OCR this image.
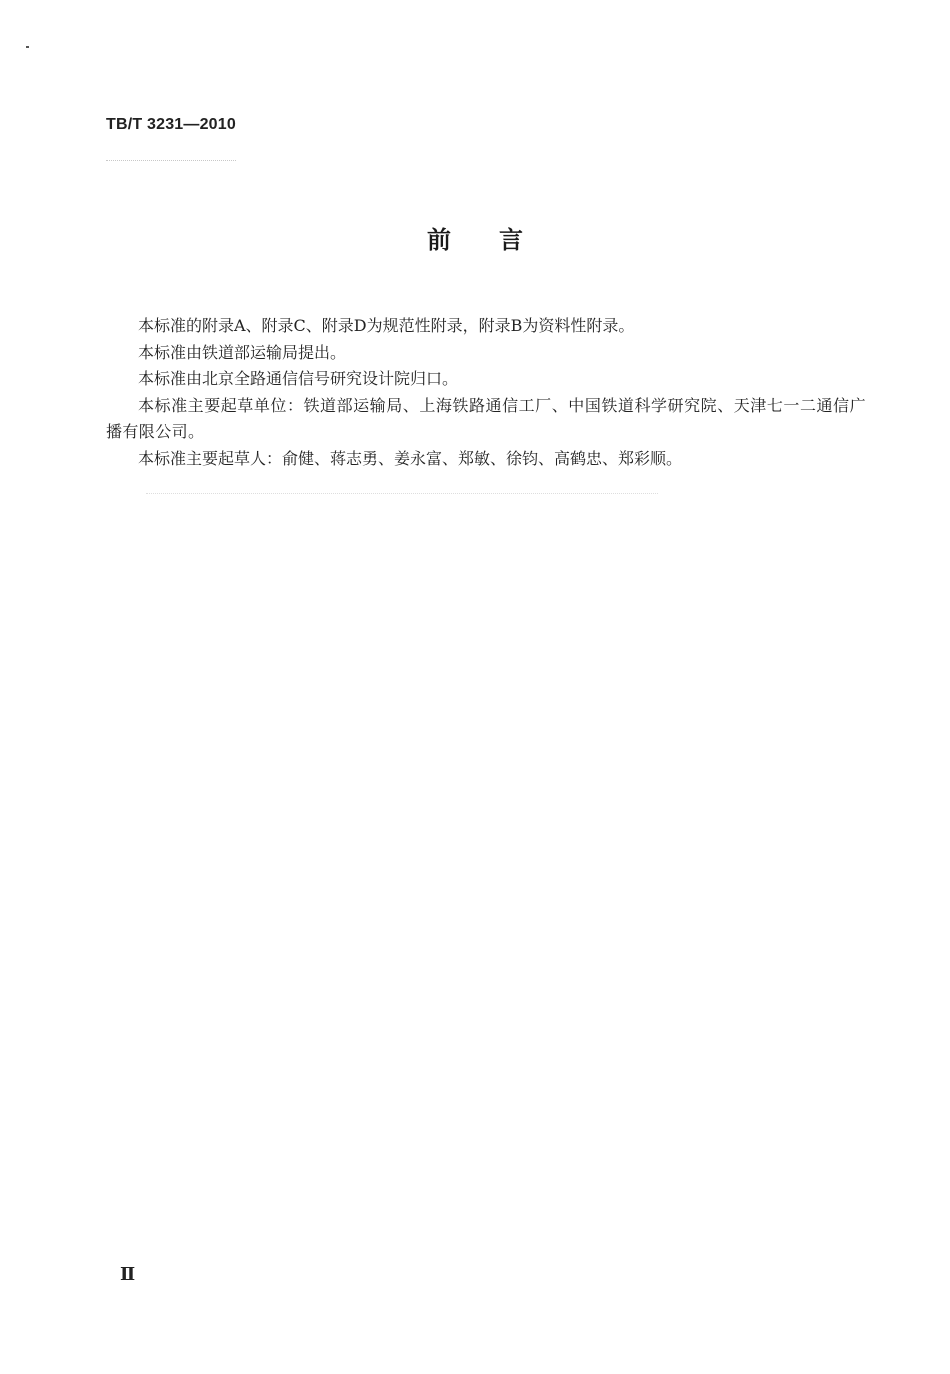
TB/T 3231—2010
前言

本标准的附录A、附录C、附录D为规范性附录，附录B为资料性附录。

本标准由铁道部运输局提出。

本标准由北京全路通信信号研究设计院归口。

本标准主要起草单位：铁道部运输局、上海铁路通信工厂、中国铁道科学研究院、天津七一二通信广播有限公司。

本标准主要起草人：俞健、蒋志勇、姜永富、郑敏、徐钧、高鹤忠、郑彩顺。

Ⅱ
